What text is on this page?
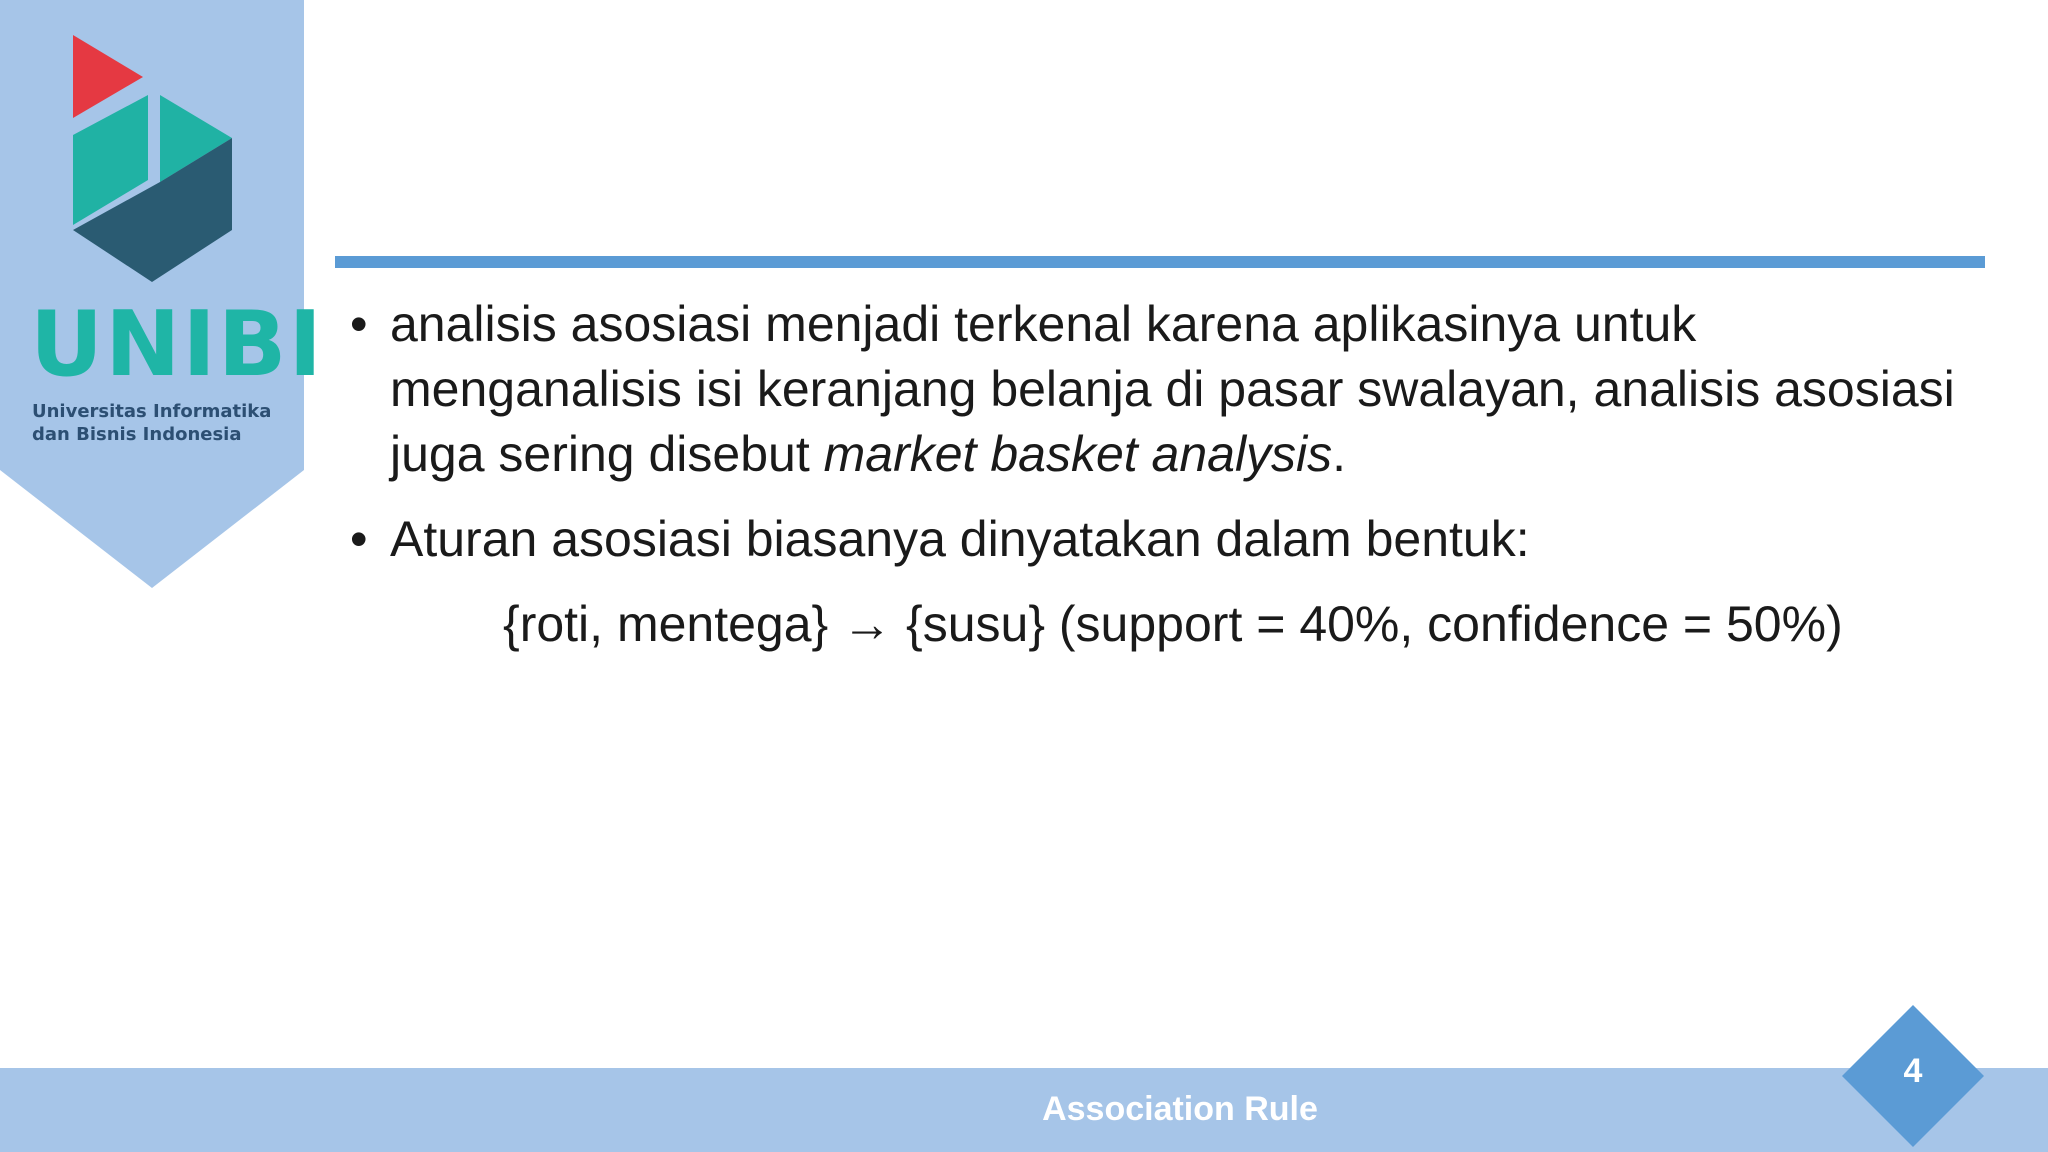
UNIBI
Universitas Informatika
dan Bisnis Indonesia
• analisis asosiasi menjadi terkenal karena aplikasinya untuk menganalisis isi keranjang belanja di pasar swalayan, analisis asosiasi juga sering disebut market basket analysis.
• Aturan asosiasi biasanya dinyatakan dalam bentuk:
{roti, mentega} → {susu} (support = 40%, confidence = 50%)
Association Rule
4
